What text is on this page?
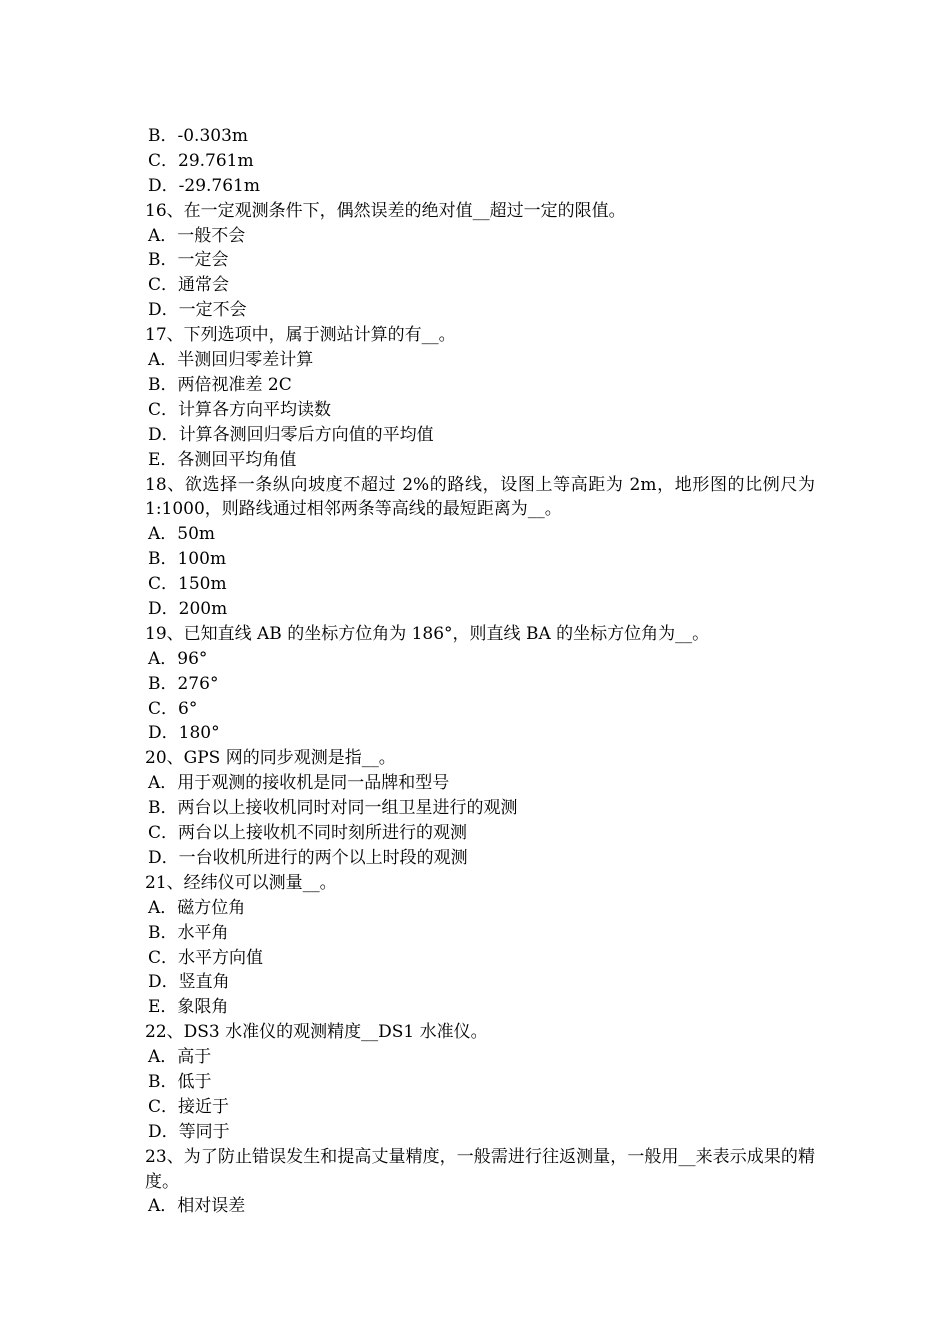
B．-0.303m
C．29.761m
D．-29.761m
16、在一定观测条件下，偶然误差的绝对值__超过一定的限值。
A．一般不会
B．一定会
C．通常会
D．一定不会
17、下列选项中，属于测站计算的有__。
A．半测回归零差计算
B．两倍视准差 2C
C．计算各方向平均读数
D．计算各测回归零后方向值的平均值
E．各测回平均角值
18、欲选择一条纵向坡度不超过 2%的路线，设图上等高距为 2m，地形图的比例尺为 1:1000，则路线通过相邻两条等高线的最短距离为__。
A．50m
B．100m
C．150m
D．200m
19、已知直线 AB 的坐标方位角为 186°，则直线 BA 的坐标方位角为__。
A．96°
B．276°
C．6°
D．180°
20、GPS 网的同步观测是指__。
A．用于观测的接收机是同一品牌和型号
B．两台以上接收机同时对同一组卫星进行的观测
C．两台以上接收机不同时刻所进行的观测
D．一台收机所进行的两个以上时段的观测
21、经纬仪可以测量__。
A．磁方位角
B．水平角
C．水平方向值
D．竖直角
E．象限角
22、DS3 水准仪的观测精度__DS1 水准仪。
A．高于
B．低于
C．接近于
D．等同于
23、为了防止错误发生和提高丈量精度，一般需进行往返测量，一般用__来表示成果的精度。
A．相对误差
